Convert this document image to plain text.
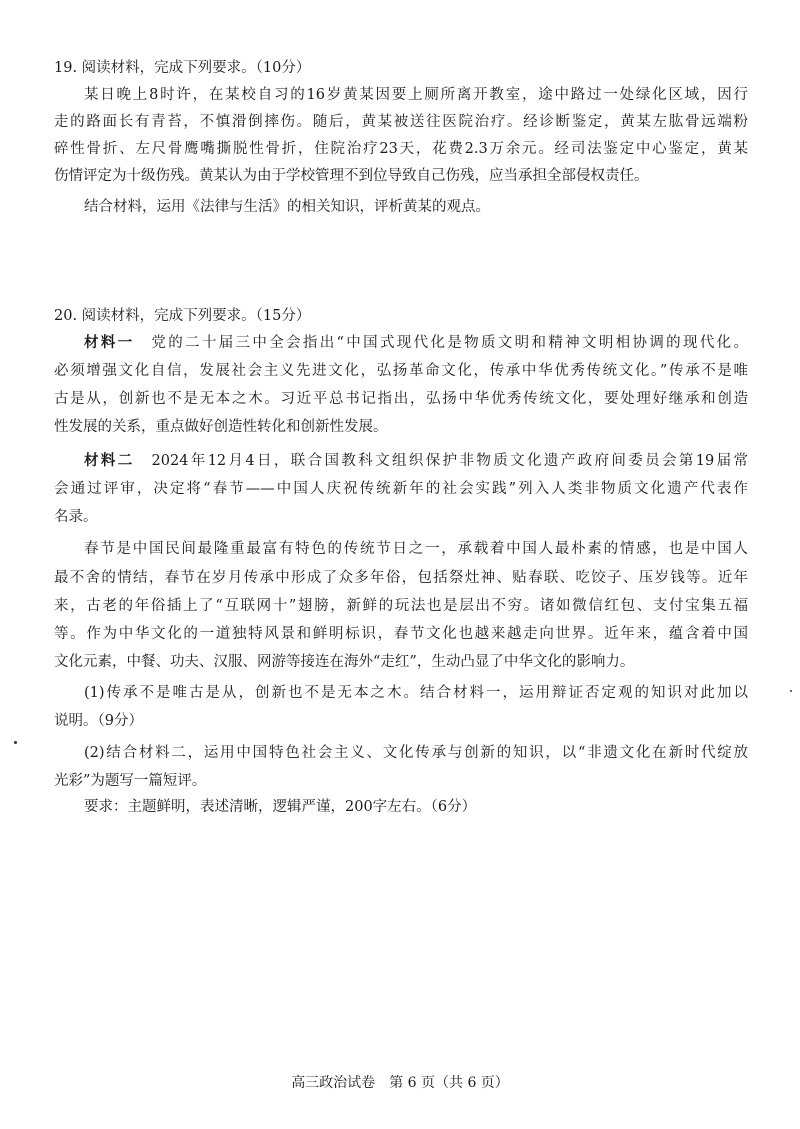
19. 阅读材料，完成下列要求。（10分）
某日晚上8时许，在某校自习的16岁黄某因要上厕所离开教室，途中路过一处绿化区域，因行
走的路面长有青苔，不慎滑倒摔伤。随后，黄某被送往医院治疗。经诊断鉴定，黄某左肱骨远端粉
碎性骨折、左尺骨鹰嘴撕脱性骨折，住院治疗23天，花费2.3万余元。经司法鉴定中心鉴定，黄某
伤情评定为十级伤残。黄某认为由于学校管理不到位导致自己伤残，应当承担全部侵权责任。
结合材料，运用《法律与生活》的相关知识，评析黄某的观点。
20. 阅读材料，完成下列要求。（15分）
材料一　 党的二十届三中全会指出“中国式现代化是物质文明和精神文明相协调的现代化。
必须增强文化自信，发展社会主义先进文化，弘扬革命文化，传承中华优秀传统文化。”传承不是唯
古是从，创新也不是无本之木。习近平总书记指出，弘扬中华优秀传统文化，要处理好继承和创造
性发展的关系，重点做好创造性转化和创新性发展。
材料二　 2024年12月4日，联合国教科文组织保护非物质文化遗产政府间委员会第19届常
会通过评审，决定将“春节——中国人庆祝传统新年的社会实践”列入人类非物质文化遗产代表作
名录。
春节是中国民间最隆重最富有特色的传统节日之一，承载着中国人最朴素的情感，也是中国人
最不舍的情结，春节在岁月传承中形成了众多年俗，包括祭灶神、贴春联、吃饺子、压岁钱等。近年
来，古老的年俗插上了“互联网十”翅膀，新鲜的玩法也是层出不穷。诸如微信红包、支付宝集五福
等。作为中华文化的一道独特风景和鲜明标识，春节文化也越来越走向世界。近年来，蕴含着中国
文化元素，中餐、功夫、汉服、网游等接连在海外“走红”，生动凸显了中华文化的影响力。
(1)传承不是唯古是从，创新也不是无本之木。结合材料一，运用辩证否定观的知识对此加以
说明。（9分）
(2)结合材料二，运用中国特色社会主义、文化传承与创新的知识，以“非遗文化在新时代绽放
光彩”为题写一篇短评。
要求：主题鲜明，表述清晰，逻辑严谨，200字左右。（6分）
高三政治试卷　第 6 页（共 6 页）
